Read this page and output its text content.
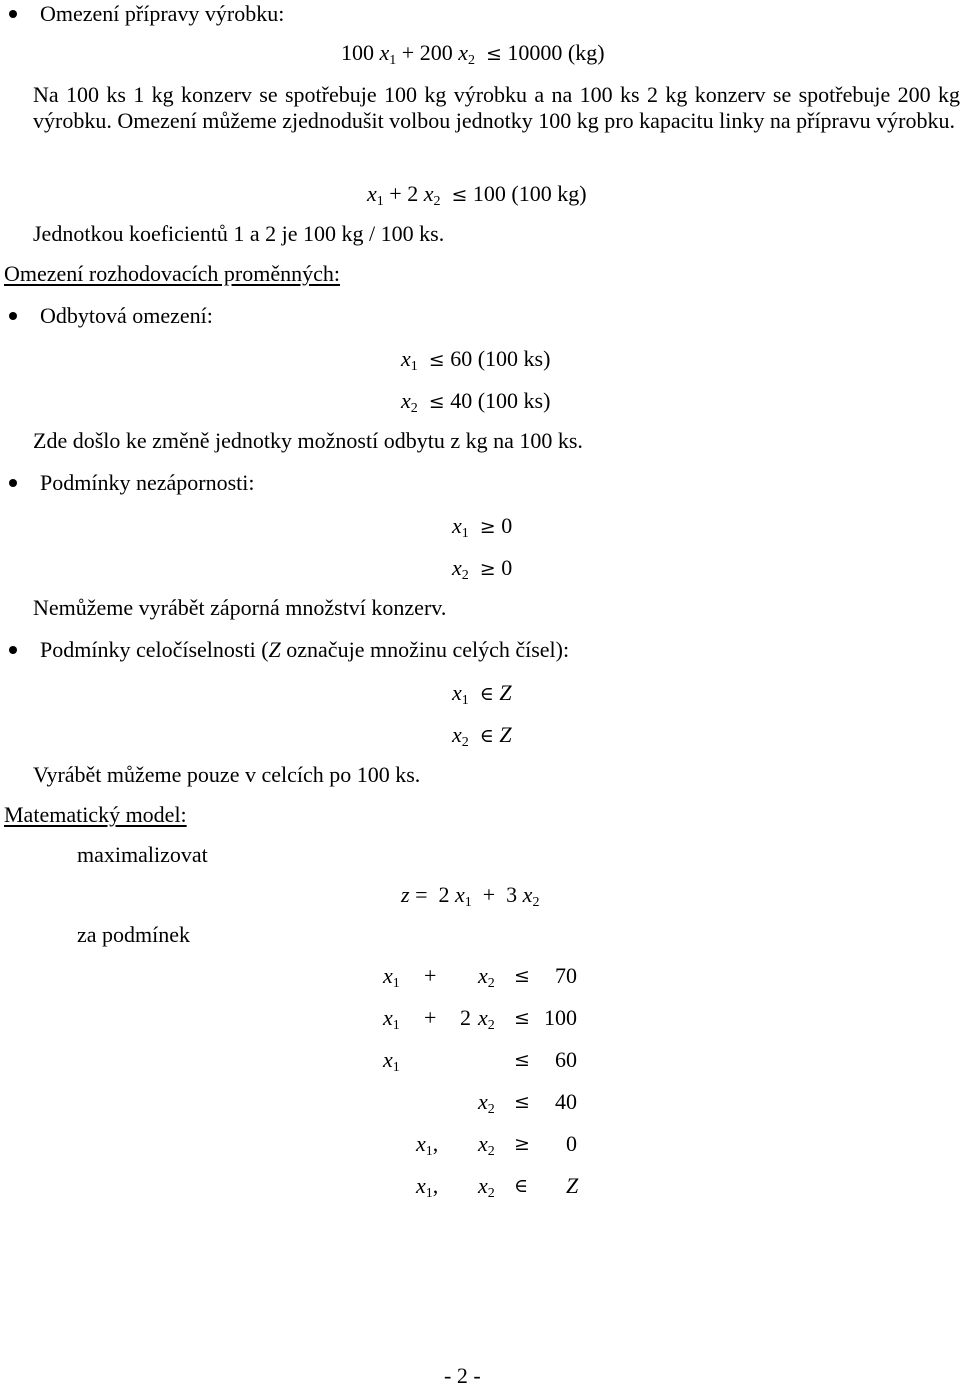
Omezení přípravy výrobku:
100 $x_1 + 200$ $x_2 \le 10000$ (kg)
Na 100 ks 1 kg konzerv se spotřebuje 100 kg výrobku a na 100 ks 2 kg konzerv se spotřebuje 200 kg výrobku. Omezení můžeme zjednodušit volbou jednotky 100 kg pro kapacitu linky na přípravu výrobku.
$x_1 + 2$ $x_2 \le 100$ (100 kg)
Jednotkou koeficientů 1 a 2 je 100 kg / 100 ks.
Omezení rozhodovacích proměnných:
Odbytová omezení:
$x_1 \le 60$ (100 ks)
$x_2 \le 40$ (100 ks)
Zde došlo ke změně jednotky možností odbytu z kg na 100 ks.
Podmínky nezápornosti:
$x_1 \ge 0$
$x_2 \ge 0$
Nemůžeme vyrábět záporná množství konzerv.
Podmínky celočíselnosti (Z označuje množinu celých čísel):
$x_1$ ∈ Z
$x_2$ ∈ Z
Vyrábět můžeme pouze v celcích po 100 ks.
Matematický model:
maximalizovat
z = 2 $x_1 + 3$ $x_2$
za podmínek
$x_1 + x_2 \le 70$
$x_1 + 2$ $x_2 \le 100$
$x_1$	≤ 60
$x_2 \le 40$
$x_1$, $x_2 \ge 0$
$x_1$, $x_2$ ∈ Z
- 2 -
